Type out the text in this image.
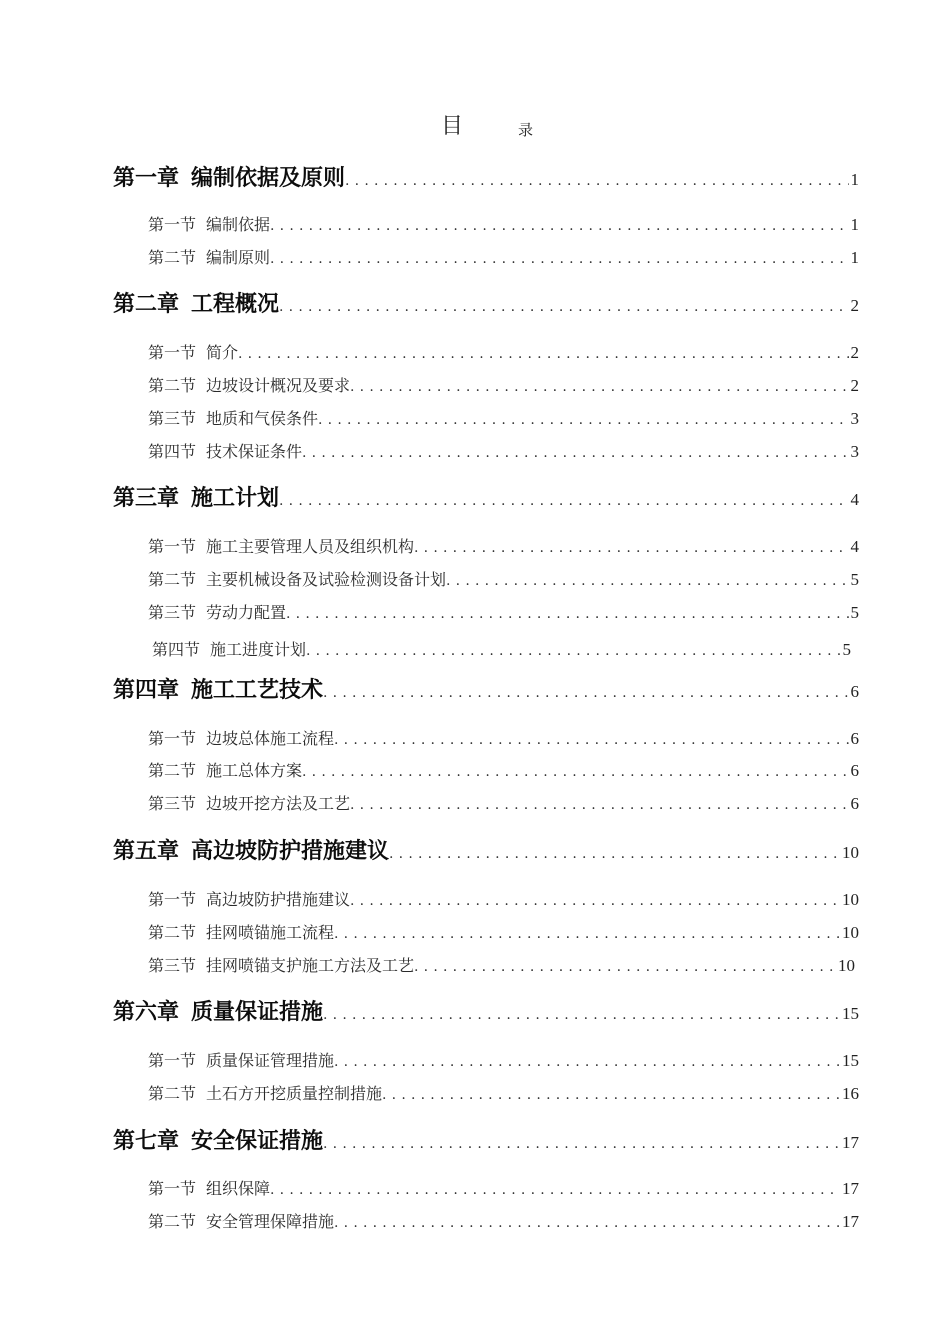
目	录
第一章 编制依据及原则 .....	1
第一节 编制依据 .....	1
第二节 编制原则 .....	1
第二章 工程概况 .....	2
第一节 简介 .....	2
第二节 边坡设计概况及要求 .....	2
第三节 地质和气侯条件 .....	3
第四节 技术保证条件 .....	3
第三章 施工计划 .....	4
第一节 施工主要管理人员及组织机构 .....	4
第二节 主要机械设备及试验检测设备计划 .....	5
第三节 劳动力配置 .....	5
第四节 施工进度计划 .....	5
第四章 施工工艺技术 .....	6
第一节 边坡总体施工流程 .....	6
第二节 施工总体方案 .....	6
第三节 边坡开挖方法及工艺 .....	6
第五章 高边坡防护措施建议 .....	10
第一节 高边坡防护措施建议 .....	10
第二节 挂网喷锚施工流程 .....	10
第三节 挂网喷锚支护施工方法及工艺 .....	10
第六章 质量保证措施 .....	15
第一节 质量保证管理措施 .....	15
第二节 土石方开挖质量控制措施 .....	16
第七章 安全保证措施 .....	17
第一节 组织保障 .....	17
第二节 安全管理保障措施 .....	17
